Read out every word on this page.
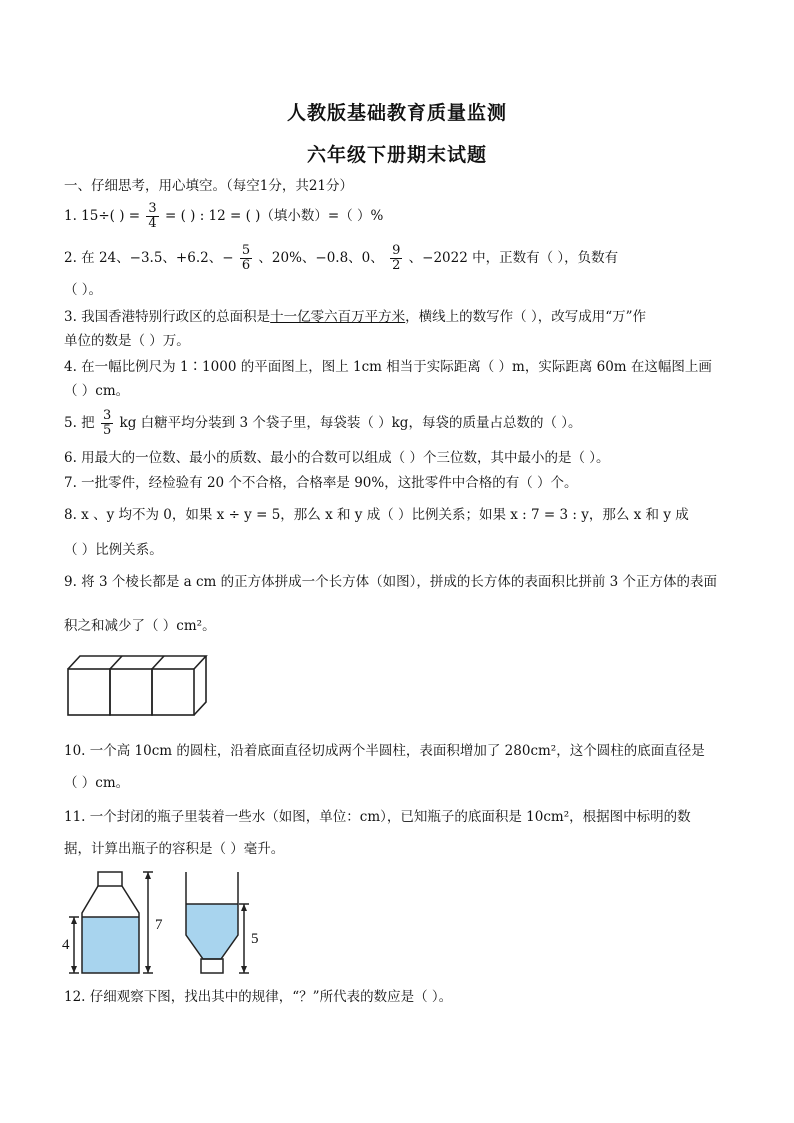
人教版基础教育质量监测
六年级下册期末试题
一、仔细思考，用心填空。（每空1分，共21分）
1. 15÷( ) = $\frac{3}{4}$ = ( ) : 12 = ( )（填小数）=（ ）%
2. 在 24、−3.5、+6.2、− $\frac{5}{6}$ 、20%、−0.8、0、 $\frac{9}{2}$ 、−2022 中，正数有（ ），负数有
（ ）。
3. 我国香港特别行政区的总面积是十一亿零六百万平方米，横线上的数写作（ ），改写成用“万”作
单位的数是（ ）万。
4. 在一幅比例尺为 1∶1000 的平面图上，图上 1cm 相当于实际距离（ ）m，实际距离 60m 在这幅图上画
（ ）cm。
5. 把 $\frac{3}{5}$ kg 白糖平均分装到 3 个袋子里，每袋装（ ）kg，每袋的质量占总数的（ ）。
6. 用最大的一位数、最小的质数、最小的合数可以组成（ ）个三位数，其中最小的是（ ）。
7. 一批零件，经检验有 20 个不合格，合格率是 90%，这批零件中合格的有（ ）个。
8. x 、y 均不为 0，如果 x ÷ y = 5，那么 x 和 y 成（ ）比例关系；如果 x : 7 = 3 : y，那么 x 和 y 成
（ ）比例关系。
9. 将 3 个棱长都是 a cm 的正方体拼成一个长方体（如图），拼成的长方体的表面积比拼前 3 个正方体的表面
积之和减少了（ ）cm²。
10. 一个高 10cm 的圆柱，沿着底面直径切成两个半圆柱，表面积增加了 280cm²，这个圆柱的底面直径是
（ ）cm。
11. 一个封闭的瓶子里装着一些水（如图，单位：cm），已知瓶子的底面积是 10cm²，根据图中标明的数
据，计算出瓶子的容积是（ ）毫升。
4
7
5
12. 仔细观察下图，找出其中的规律，“？”所代表的数应是（ ）。
